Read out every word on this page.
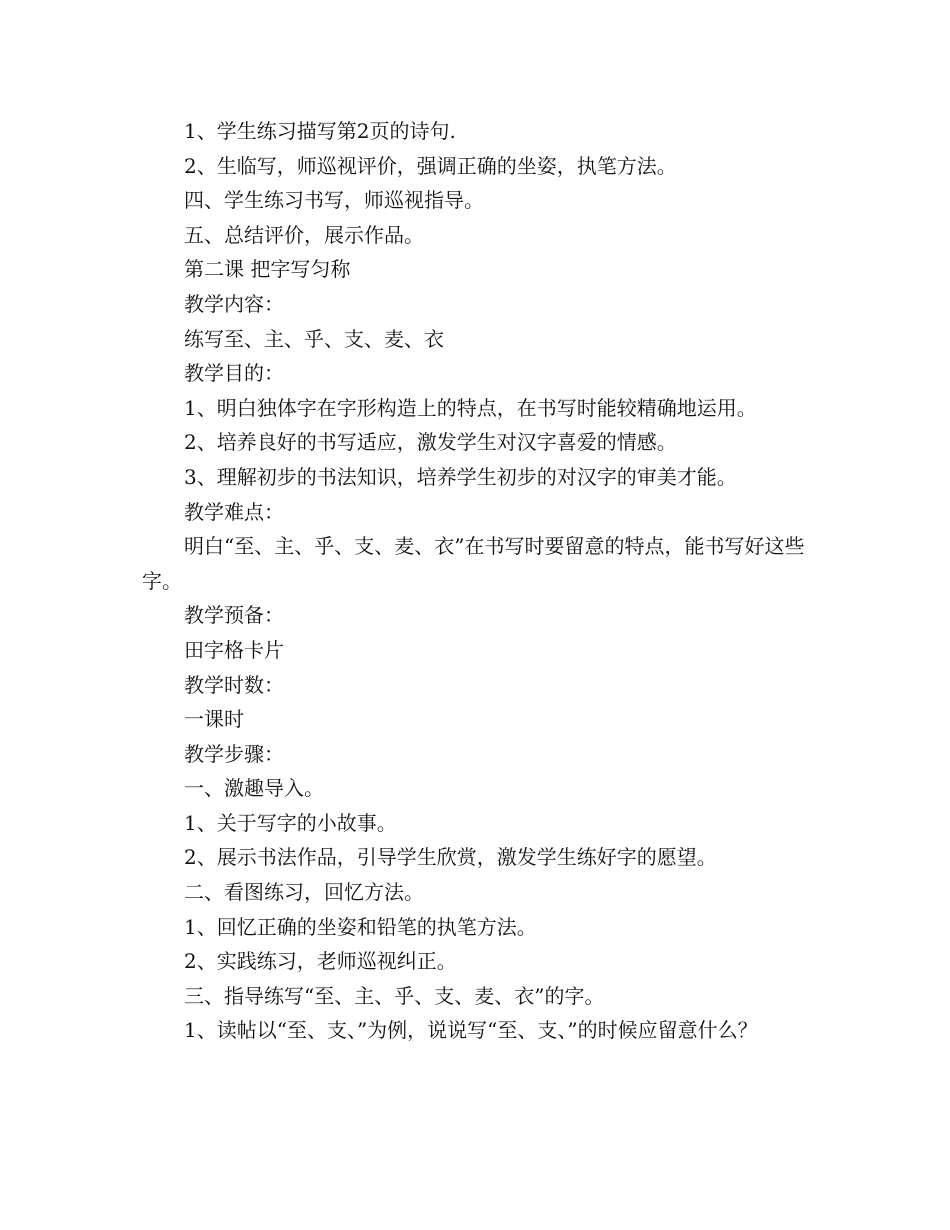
1、学生练习描写第2页的诗句.

2、生临写，师巡视评价，强调正确的坐姿，执笔方法。

四、学生练习书写，师巡视指导。

五、总结评价，展示作品。

第二课 把字写匀称

教学内容：

练写至、主、乎、支、麦、衣

教学目的：

1、明白独体字在字形构造上的特点，在书写时能较精确地运用。

2、培养良好的书写适应，激发学生对汉字喜爱的情感。

3、理解初步的书法知识，培养学生初步的对汉字的审美才能。

教学难点：

明白“至、主、乎、支、麦、衣”在书写时要留意的特点，能书写好这些字。

教学预备：

田字格卡片

教学时数：

一课时

教学步骤：

一、激趣导入。

1、关于写字的小故事。

2、展示书法作品，引导学生欣赏，激发学生练好字的愿望。

二、看图练习，回忆方法。

1、回忆正确的坐姿和铅笔的执笔方法。

2、实践练习，老师巡视纠正。

三、指导练写“至、主、乎、支、麦、衣”的字。

1、读帖以“至、支、”为例，说说写“至、支、”的时候应留意什么？
